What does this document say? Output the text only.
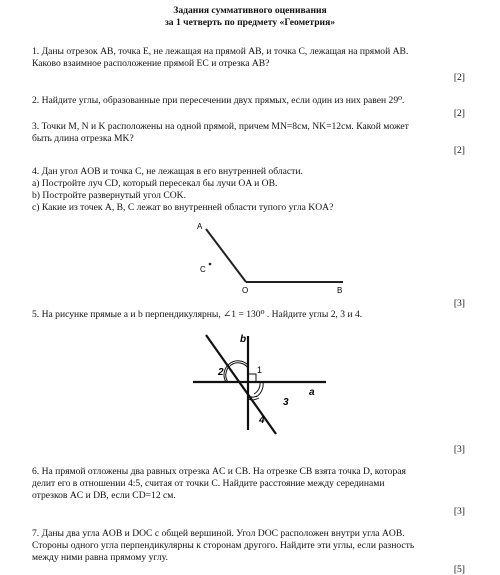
Задания суммативного оценивания
за 1 четверть по предмету «Геометрия»
1. Даны отрезок AB, точка E, не лежащая на прямой AB, и точка C, лежащая на прямой AB.
Каково взаимное расположение прямой EC и отрезка AB?
[2]
2. Найдите углы, образованные при пересечении двух прямых, если один из них равен 29⁰.
[2]
3. Точки M, N и K расположены на одной прямой, причем MN=8см, NK=12см. Какой может
быть длина отрезка MK?
[2]
4. Дан угол AOB и точка C, не лежащая в его внутренней области.
a) Постройте луч CD, который пересекал бы лучи OA и OB.
b) Постройте развернутый угол COK.
c) Какие из точек A, B, C лежат во внутренней области тупого угла KOA?
A
C
O	B
[3]
5. На рисунке прямые a и b перпендикулярны, ∠1 = 130⁰ . Найдите углы 2, 3 и 4.
b
1
2
3
4
a
[3]
6. На прямой отложены два равных отрезка AC и CB. На отрезке CB взята точка D, которая
делит его в отношении 4:5, считая от точки C. Найдите расстояние между серединами
отрезков AC и DB, если CD=12 см.
[3]
7. Даны два угла AOB и DOC с общей вершиной. Угол DOC расположен внутри угла AOB.
Стороны одного угла перпендикулярны к сторонам другого. Найдите эти углы, если разность
между ними равна прямому углу.
[5]
